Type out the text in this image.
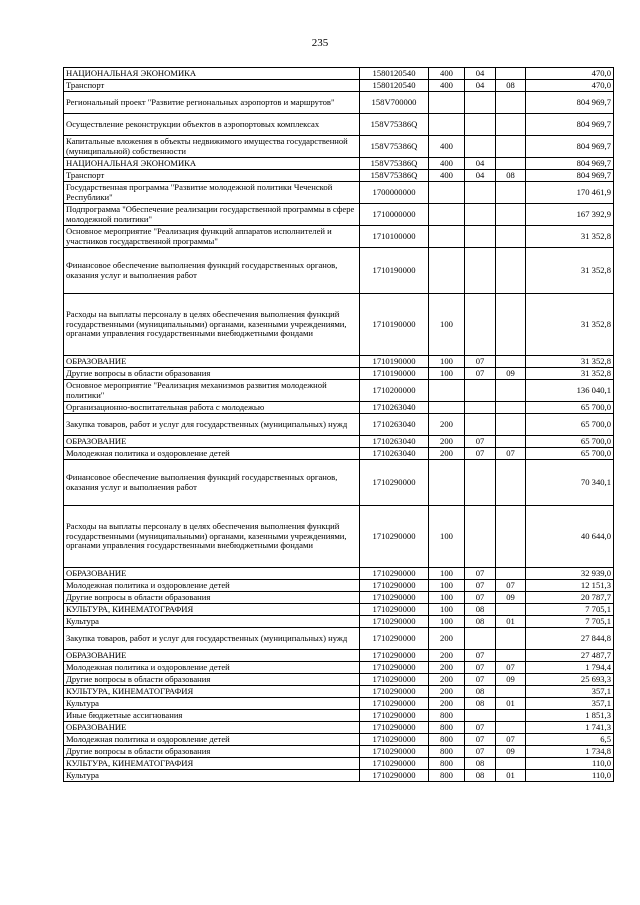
235
НАЦИОНАЛЬНАЯ ЭКОНОМИКА	1580120540	400	04		470,0
Транспорт	1580120540	400	04	08	470,0
Региональный проект "Развитие региональных аэропортов и маршрутов"	158V700000				804 969,7
Осуществление реконструкции объектов в аэропортовых комплексах	158V75386Q				804 969,7
Капитальные вложения в объекты недвижимого имущества государственной (муниципальной) собственности	158V75386Q	400			804 969,7
НАЦИОНАЛЬНАЯ ЭКОНОМИКА	158V75386Q	400	04		804 969,7
Транспорт	158V75386Q	400	04	08	804 969,7
Государственная программа "Развитие молодежной политики Чеченской Республики"	1700000000				170 461,9
Подпрограмма "Обеспечение реализации государственной программы в сфере молодежной политики"	1710000000				167 392,9
Основное мероприятие "Реализация функций аппаратов исполнителей и участников государственной программы"	1710100000				31 352,8
Финансовое обеспечение выполнения функций государственных органов, оказания услуг и выполнения работ	1710190000				31 352,8
Расходы на выплаты персоналу в целях обеспечения выполнения функций государственными (муниципальными) органами, казенными учреждениями, органами управления государственными внебюджетными фондами	1710190000	100			31 352,8
ОБРАЗОВАНИЕ	1710190000	100	07		31 352,8
Другие вопросы в области образования	1710190000	100	07	09	31 352,8
Основное мероприятие "Реализация механизмов развития молодежной политики"	1710200000				136 040,1
Организационно-воспитательная работа с молодежью	1710263040				65 700,0
Закупка товаров, работ и услуг для государственных (муниципальных) нужд	1710263040	200			65 700,0
ОБРАЗОВАНИЕ	1710263040	200	07		65 700,0
Молодежная политика и оздоровление детей	1710263040	200	07	07	65 700,0
Финансовое обеспечение выполнения функций государственных органов, оказания услуг и выполнения работ	1710290000				70 340,1
Расходы на выплаты персоналу в целях обеспечения выполнения функций государственными (муниципальными) органами, казенными учреждениями, органами управления государственными внебюджетными фондами	1710290000	100			40 644,0
ОБРАЗОВАНИЕ	1710290000	100	07		32 939,0
Молодежная политика и оздоровление детей	1710290000	100	07	07	12 151,3
Другие вопросы в области образования	1710290000	100	07	09	20 787,7
КУЛЬТУРА, КИНЕМАТОГРАФИЯ	1710290000	100	08		7 705,1
Культура	1710290000	100	08	01	7 705,1
Закупка товаров, работ и услуг для государственных (муниципальных) нужд	1710290000	200			27 844,8
ОБРАЗОВАНИЕ	1710290000	200	07		27 487,7
Молодежная политика и оздоровление детей	1710290000	200	07	07	1 794,4
Другие вопросы в области образования	1710290000	200	07	09	25 693,3
КУЛЬТУРА, КИНЕМАТОГРАФИЯ	1710290000	200	08		357,1
Культура	1710290000	200	08	01	357,1
Иные бюджетные ассигнования	1710290000	800			1 851,3
ОБРАЗОВАНИЕ	1710290000	800	07		1 741,3
Молодежная политика и оздоровление детей	1710290000	800	07	07	6,5
Другие вопросы в области образования	1710290000	800	07	09	1 734,8
КУЛЬТУРА, КИНЕМАТОГРАФИЯ	1710290000	800	08		110,0
Культура	1710290000	800	08	01	110,0
